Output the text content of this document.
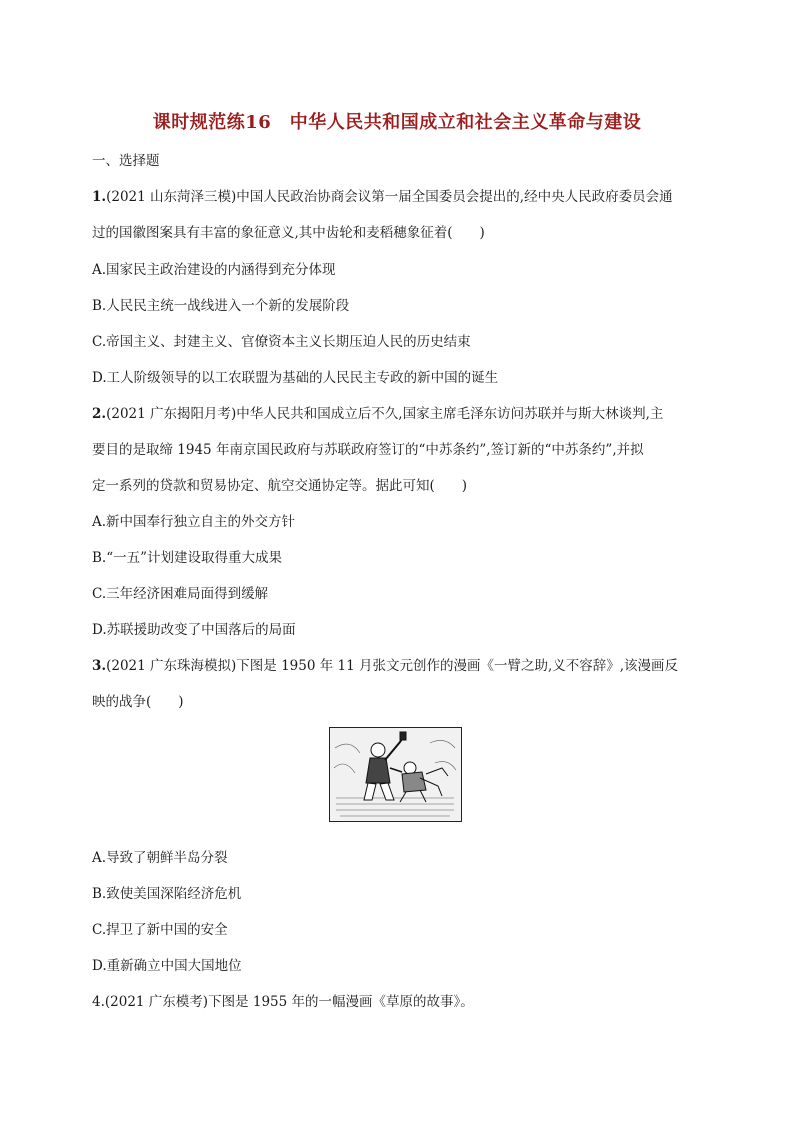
课时规范练16　中华人民共和国成立和社会主义革命与建设
一、选择题
1.(2021 山东菏泽三模)中国人民政治协商会议第一届全国委员会提出的,经中央人民政府委员会通
过的国徽图案具有丰富的象征意义,其中齿轮和麦稻穗象征着(　　)
A.国家民主政治建设的内涵得到充分体现
B.人民民主统一战线进入一个新的发展阶段
C.帝国主义、封建主义、官僚资本主义长期压迫人民的历史结束
D.工人阶级领导的以工农联盟为基础的人民民主专政的新中国的诞生
2.(2021 广东揭阳月考)中华人民共和国成立后不久,国家主席毛泽东访问苏联并与斯大林谈判,主
要目的是取缔 1945 年南京国民政府与苏联政府签订的“中苏条约”,签订新的“中苏条约”,并拟
定一系列的贷款和贸易协定、航空交通协定等。据此可知(　　)
A.新中国奉行独立自主的外交方针
B.“一五”计划建设取得重大成果
C.三年经济困难局面得到缓解
D.苏联援助改变了中国落后的局面
3.(2021 广东珠海模拟)下图是 1950 年 11 月张文元创作的漫画《一臂之助,义不容辞》,该漫画反
映的战争(　　)
A.导致了朝鲜半岛分裂
B.致使美国深陷经济危机
C.捍卫了新中国的安全
D.重新确立中国大国地位
4.(2021 广东模考)下图是 1955 年的一幅漫画《草原的故事》。
